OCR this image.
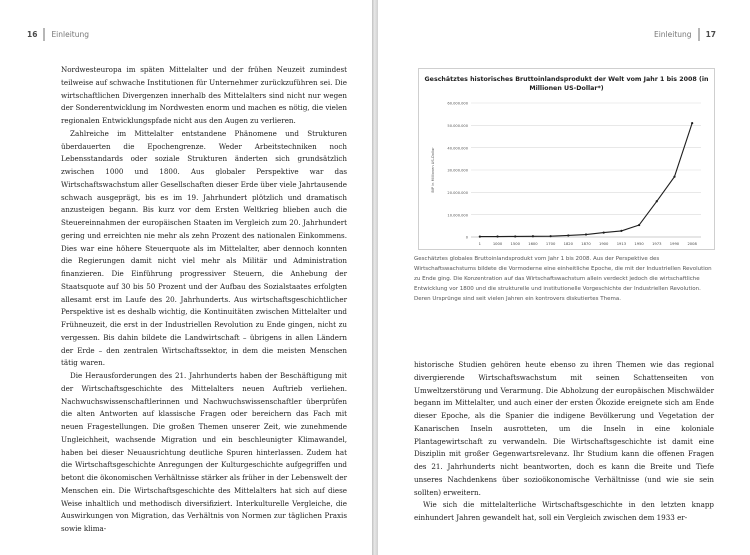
16 Einleitung

Nordwesteuropa im späten Mittelalter und der frühen Neuzeit zumindest teilweise auf schwache Institutionen für Unternehmer zurückzuführen sei. Die wirtschaftlichen Divergenzen innerhalb des Mittelalters sind nicht nur wegen der Sonderentwicklung im Nordwesten enorm und machen es nötig, die vielen regionalen Entwicklungspfade nicht aus den Augen zu verlieren.

Zahlreiche im Mittelalter entstandene Phänomene und Strukturen überdauerten die Epochengrenze. Weder Arbeitstechniken noch Lebensstandards oder soziale Strukturen änderten sich grundsätzlich zwischen 1000 und 1800. Aus globaler Perspektive war das Wirtschaftswachstum aller Gesellschaften dieser Erde über viele Jahrtausende schwach ausgeprägt, bis es im 19. Jahrhundert plötzlich und dramatisch anzusteigen begann. Bis kurz vor dem Ersten Weltkrieg blieben auch die Steuereinnahmen der europäischen Staaten im Vergleich zum 20. Jahrhundert gering und erreichten nie mehr als zehn Prozent des nationalen Einkommens. Dies war eine höhere Steuerquote als im Mittelalter, aber dennoch konnten die Regierungen damit nicht viel mehr als Militär und Administration finanzieren. Die Einführung progressiver Steuern, die Anhebung der Staatsquote auf 30 bis 50 Prozent und der Aufbau des Sozialstaates erfolgten allesamt erst im Laufe des 20. Jahrhunderts. Aus wirtschaftsgeschichtlicher Perspektive ist es deshalb wichtig, die Kontinuitäten zwischen Mittelalter und Frühneuzeit, die erst in der Industriellen Revolution zu Ende gingen, nicht zu vergessen. Bis dahin bildete die Landwirtschaft – übrigens in allen Ländern der Erde – den zentralen Wirtschaftssektor, in dem die meisten Menschen tätig waren.

Die Herausforderungen des 21. Jahrhunderts haben der Beschäftigung mit der Wirtschaftsgeschichte des Mittelalters neuen Auftrieb verliehen. Nachwuchswissenschaftlerinnen und Nachwuchswissenschaftler überprüfen die alten Antworten auf klassische Fragen oder bereichern das Fach mit neuen Fragestellungen. Die großen Themen unserer Zeit, wie zunehmende Ungleichheit, wachsende Migration und ein beschleunigter Klimawandel, haben bei dieser Neuausrichtung deutliche Spuren hinterlassen. Zudem hat die Wirtschaftsgeschichte Anregungen der Kulturgeschichte aufgegriffen und betont die ökonomischen Verhältnisse stärker als früher in der Lebenswelt der Menschen ein. Die Wirtschaftsgeschichte des Mittelalters hat sich auf diese Weise inhaltlich und methodisch diversifiziert. Interkulturelle Vergleiche, die Auswirkungen von Migration, das Verhältnis von Normen zur täglichen Praxis sowie klima-

Einleitung 17
Geschätztes historisches Bruttoinlandsprodukt der Welt vom Jahr 1 bis 2008 (in Millionen US-Dollar*)
0
10.000.000
20.000.000
30.000.000
40.000.000
50.000.000
60.000.000
BIP in Millionen US-Dollar
1	1000 1500 1600 1700 1820 1870 1900 1913 1950 1973 1990 2008
Geschätztes globales Bruttoinlandsprodukt vom Jahr 1 bis 2008. Aus der Perspektive des Wirtschaftswachstums bildete die Vormoderne eine einheitliche Epoche, die mit der Industriellen Revolution zu Ende ging. Die Konzentration auf das Wirtschaftswachstum allein verdeckt jedoch die wirtschaftliche Entwicklung vor 1800 und die strukturelle und institutionelle Vorgeschichte der Industriellen Revolution. Deren Ursprünge sind seit vielen Jahren ein kontrovers diskutiertes Thema.

historische Studien gehören heute ebenso zu ihren Themen wie das regional divergierende Wirtschaftswachstum mit seinen Schattenseiten von Umweltzerstörung und Verarmung. Die Abholzung der europäischen Mischwälder begann im Mittelalter, und auch einer der ersten Ökozide ereignete sich am Ende dieser Epoche, als die Spanier die indigene Bevölkerung und Vegetation der Kanarischen Inseln ausrotteten, um die Inseln in eine koloniale Plantagewirtschaft zu verwandeln. Die Wirtschaftsgeschichte ist damit eine Disziplin mit großer Gegenwartsrelevanz. Ihr Studium kann die offenen Fragen des 21. Jahrhunderts nicht beantworten, doch es kann die Breite und Tiefe unseres Nachdenkens über sozioökonomische Verhältnisse (und wie sie sein sollten) erweitern.

Wie sich die mittelalterliche Wirtschaftsgeschichte in den letzten knapp einhundert Jahren gewandelt hat, soll ein Vergleich zwischen dem 1933 er-
